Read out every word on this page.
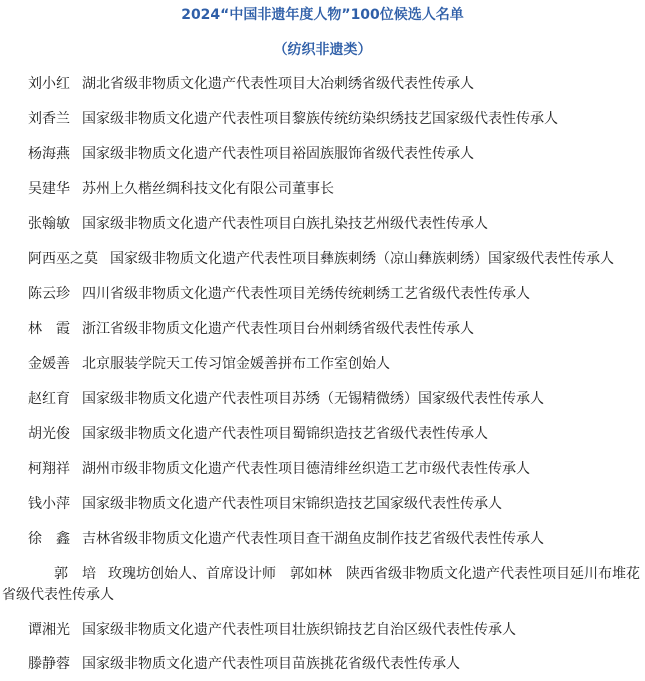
2024“中国非遗年度人物”100位候选人名单
（纺织非遗类）
刘小红 湖北省级非物质文化遗产代表性项目大冶刺绣省级代表性传承人
刘香兰 国家级非物质文化遗产代表性项目黎族传统纺染织绣技艺国家级代表性传承人
杨海燕 国家级非物质文化遗产代表性项目裕固族服饰省级代表性传承人
吴建华 苏州上久楷丝绸科技文化有限公司董事长
张翰敏 国家级非物质文化遗产代表性项目白族扎染技艺州级代表性传承人
阿西巫之莫 国家级非物质文化遗产代表性项目彝族刺绣（凉山彝族刺绣）国家级代表性传承人
陈云珍 四川省级非物质文化遗产代表性项目羌绣传统刺绣工艺省级代表性传承人
林　霞 浙江省级非物质文化遗产代表性项目台州刺绣省级代表性传承人
金媛善 北京服装学院天工传习馆金媛善拼布工作室创始人
赵红育 国家级非物质文化遗产代表性项目苏绣（无锡精微绣）国家级代表性传承人
胡光俊 国家级非物质文化遗产代表性项目蜀锦织造技艺省级代表性传承人
柯翔祥 湖州市级非物质文化遗产代表性项目德清绯丝织造工艺市级代表性传承人
钱小萍 国家级非物质文化遗产代表性项目宋锦织造技艺国家级代表性传承人
徐　鑫 吉林省级非物质文化遗产代表性项目查干湖鱼皮制作技艺省级代表性传承人
郭　培 玫瑰坊创始人、首席设计师　郭如林　陕西省级非物质文化遗产代表性项目延川布堆花省级代表性传承人
谭湘光 国家级非物质文化遗产代表性项目壮族织锦技艺自治区级代表性传承人
滕静蓉 国家级非物质文化遗产代表性项目苗族挑花省级代表性传承人
